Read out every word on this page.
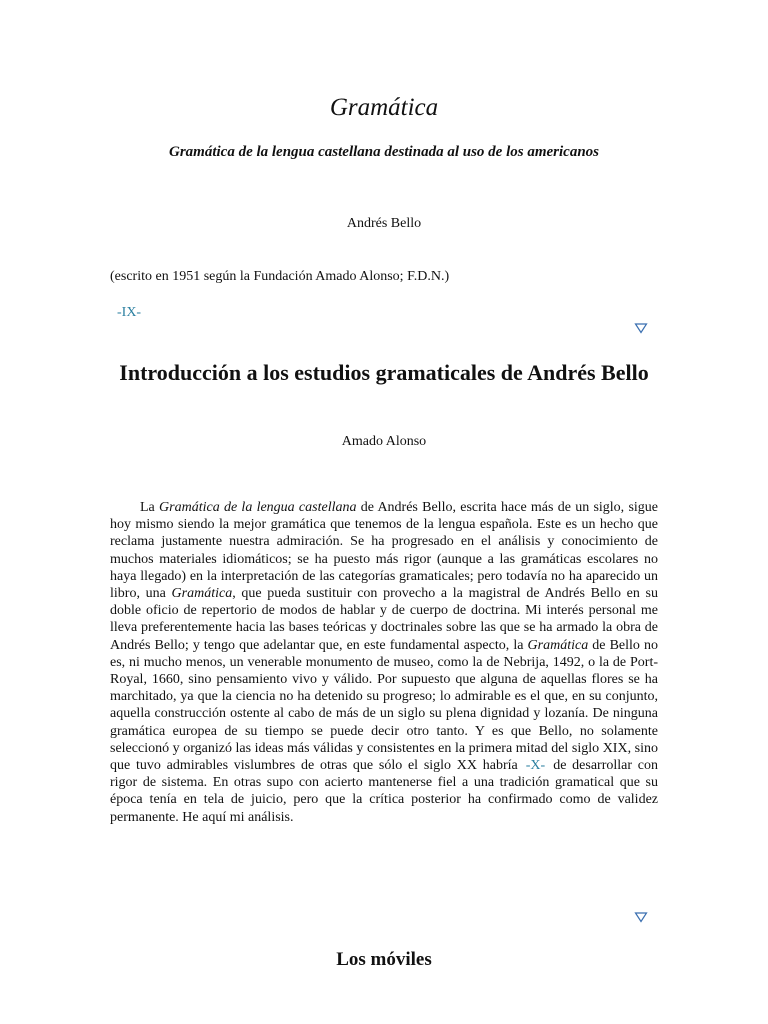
Gramática
Gramática de la lengua castellana destinada al uso de los americanos

Andrés Bello

(escrito en 1951 según la Fundación Amado Alonso; F.D.N.)

-IX-
Introducción a los estudios gramaticales de Andrés Bello

Amado Alonso

La Gramática de la lengua castellana de Andrés Bello, escrita hace más de un siglo, sigue hoy mismo siendo la mejor gramática que tenemos de la lengua española. Este es un hecho que reclama justamente nuestra admiración. Se ha progresado en el análisis y conocimiento de muchos materiales idiomáticos; se ha puesto más rigor (aunque a las gramáticas escolares no haya llegado) en la interpretación de las categorías gramaticales; pero todavía no ha aparecido un libro, una Gramática, que pueda sustituir con provecho a la magistral de Andrés Bello en su doble oficio de repertorio de modos de hablar y de cuerpo de doctrina. Mi interés personal me lleva preferentemente hacia las bases teóricas y doctrinales sobre las que se ha armado la obra de Andrés Bello; y tengo que adelantar que, en este fundamental aspecto, la Gramática de Bello no es, ni mucho menos, un venerable monumento de museo, como la de Nebrija, 1492, o la de Port-Royal, 1660, sino pensamiento vivo y válido. Por supuesto que alguna de aquellas flores se ha marchitado, ya que la ciencia no ha detenido su progreso; lo admirable es el que, en su conjunto, aquella construcción ostente al cabo de más de un siglo su plena dignidad y lozanía. De ninguna gramática europea de su tiempo se puede decir otro tanto. Y es que Bello, no solamente seleccionó y organizó las ideas más válidas y consistentes en la primera mitad del siglo XIX, sino que tuvo admirables vislumbres de otras que sólo el siglo XX habría -X- de desarrollar con rigor de sistema. En otras supo con acierto mantenerse fiel a una tradición gramatical que su época tenía en tela de juicio, pero que la crítica posterior ha confirmado como de validez permanente. He aquí mi análisis.

Los móviles
